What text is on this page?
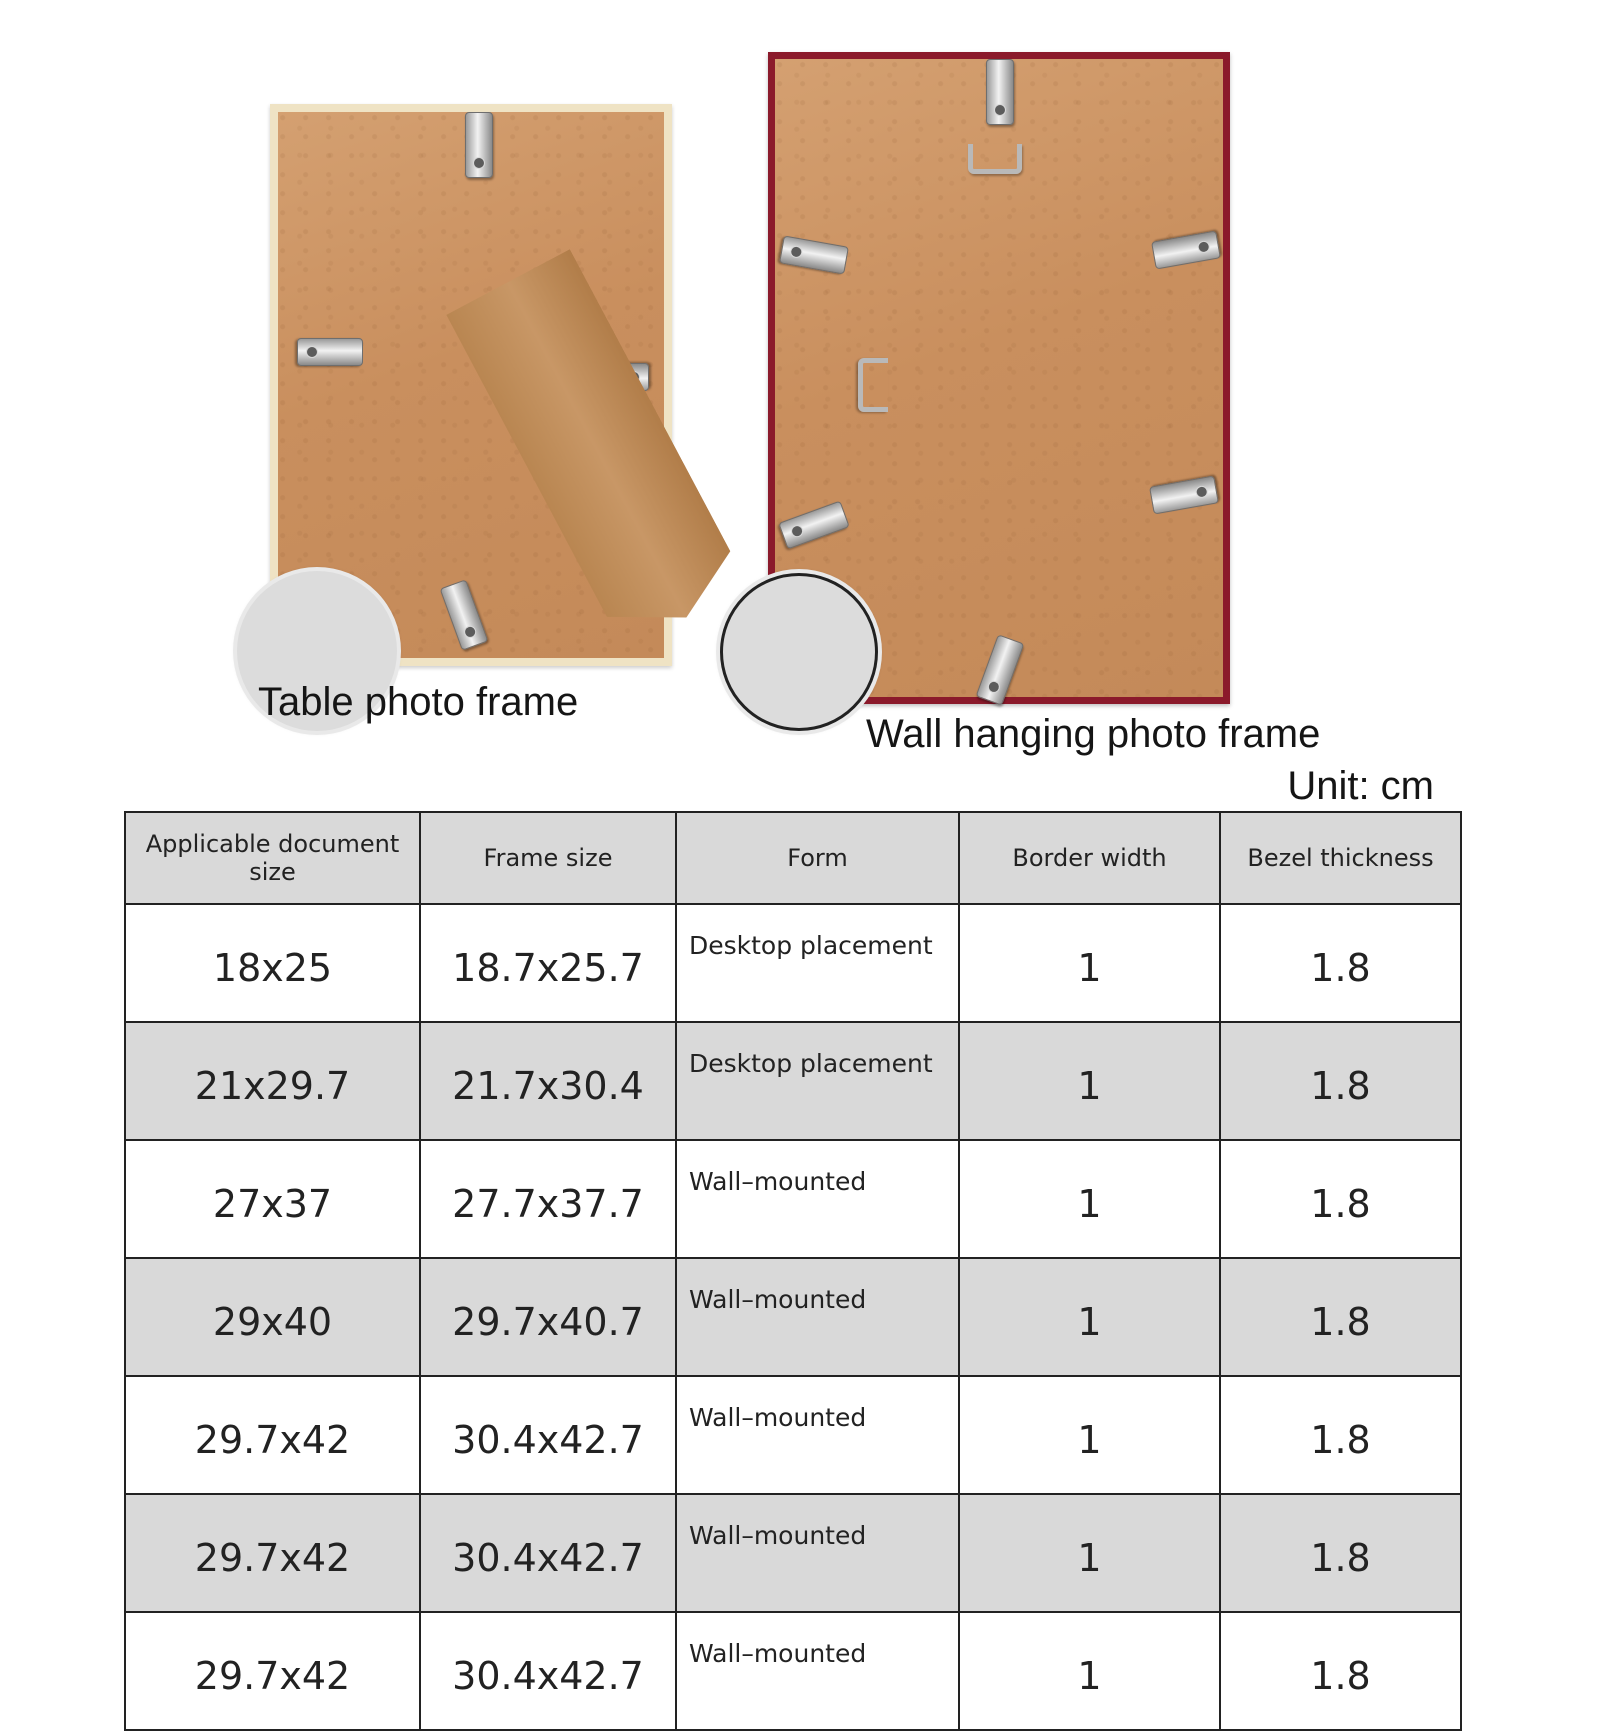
Table photo frame
Wall hanging photo frame
Unit: cm
Applicable document size	Frame size	Form	Border width	Bezel thickness
18x25	18.7x25.7	Desktop placement	1	1.8
21x29.7	21.7x30.4	Desktop placement	1	1.8
27x37	27.7x37.7	Wall–mounted	1	1.8
29x40	29.7x40.7	Wall–mounted	1	1.8
29.7x42	30.4x42.7	Wall–mounted	1	1.8
29.7x42	30.4x42.7	Wall–mounted	1	1.8
29.7x42	30.4x42.7	Wall–mounted	1	1.8
